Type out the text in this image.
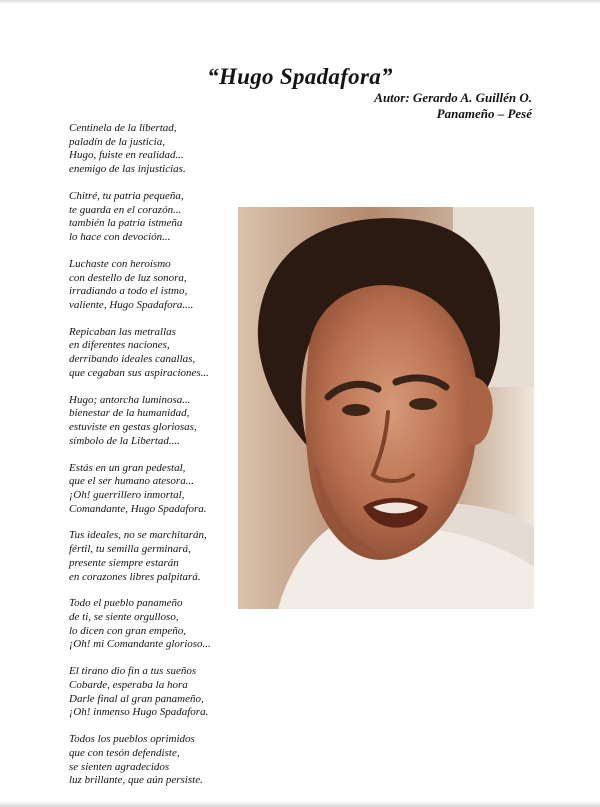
“Hugo Spadafora”
Autor: Gerardo A. Guillén O.
Panameño – Pesé
Centinela de la libertad,
paladín de la justicia,
Hugo, fuiste en realidad...
enemigo de las injusticias.
Chitré, tu patria pequeña,
te guarda en el corazón...
también la patria istmeña
lo hace con devoción...
Luchaste con heroísmo
con destello de luz sonora,
irradiando a todo el istmo,
valiente, Hugo Spadafora....
Repicaban las metrallas
en diferentes naciones,
derribando ideales canallas,
que cegaban sus aspiraciones...
Hugo; antorcha luminosa...
bienestar de la humanidad,
estuviste en gestas gloriosas,
símbolo de la Libertad....
Estás en un gran pedestal,
que el ser humano atesora...
¡Oh! guerrillero inmortal,
Comandante, Hugo Spadafora.
Tus ideales, no se marchitarán,
fértil, tu semilla germinará,
presente siempre estarán
en corazones libres palpitará.
Todo el pueblo panameño
de ti, se siente orgulloso,
lo dicen con gran empeño,
¡Oh! mi Comandante glorioso...
El tirano dio fin a tus sueños
Cobarde, esperaba la hora
Darle final al gran panameño,
¡Oh! inmenso Hugo Spadafora.
Todos los pueblos oprimidos
que con tesón defendiste,
se sienten agradecidos
luz brillante, que aún persiste.
